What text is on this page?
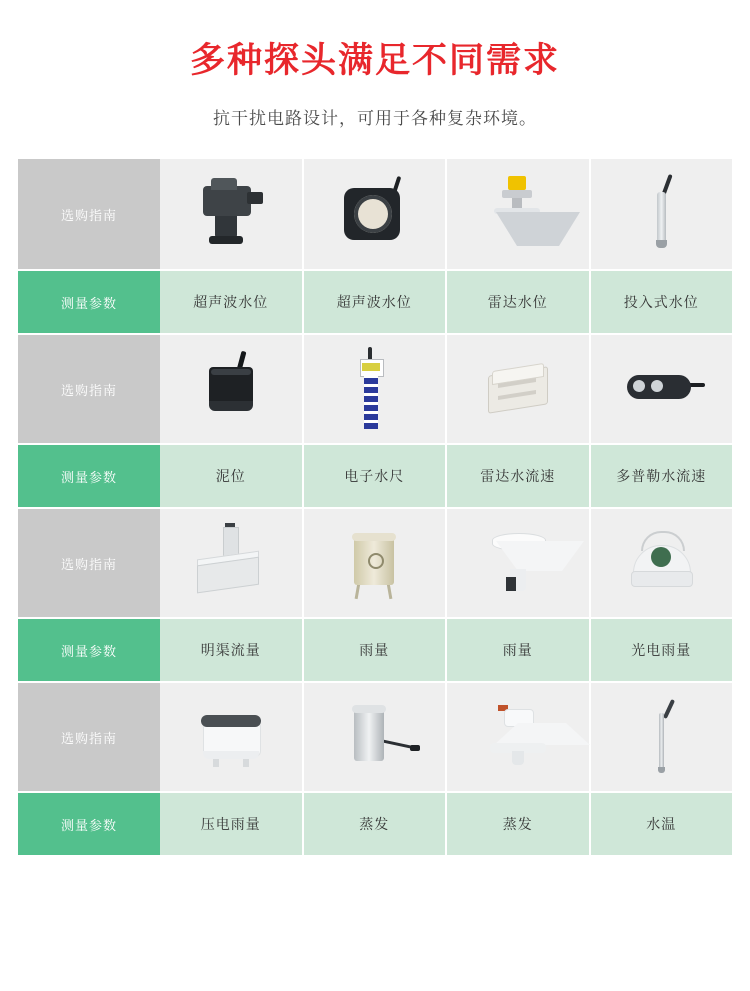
多种探头满足不同需求

抗干扰电路设计，可用于各种复杂环境。

选购指南
测量参数	超声波水位	超声波水位	雷达水位	投入式水位
选购指南
测量参数	泥位	电子水尺	雷达水流速	多普勒水流速
选购指南
测量参数	明渠流量	雨量	雨量	光电雨量
选购指南
测量参数	压电雨量	蒸发	蒸发	水温
